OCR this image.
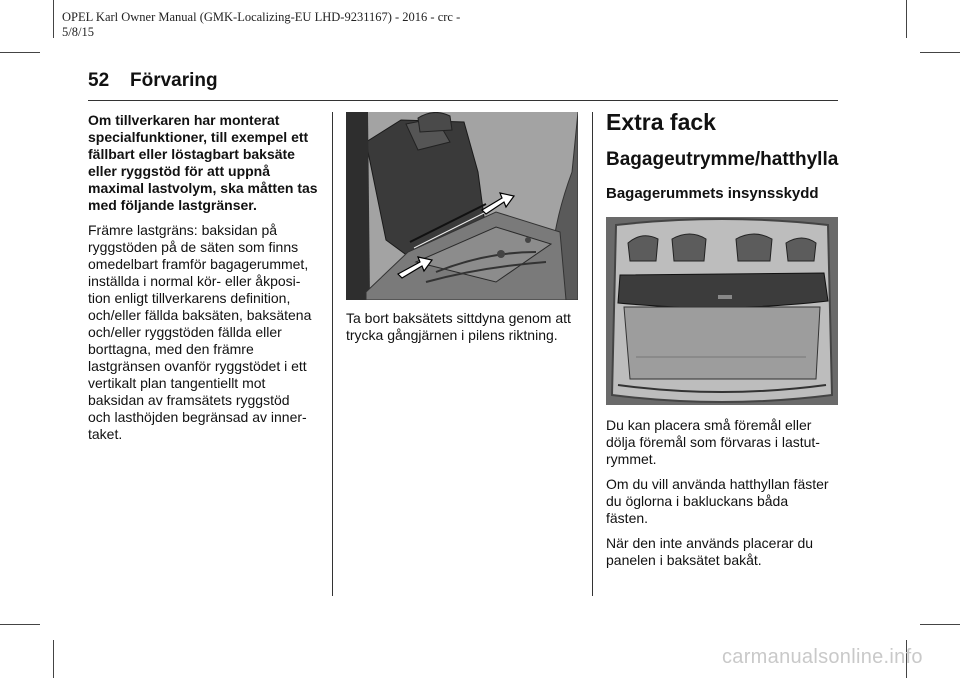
OPEL Karl Owner Manual (GMK-Localizing-EU LHD-9231167) - 2016 - crc -
5/8/15
52 Förvaring

Om tillverkaren har monterat specialfunktioner, till exempel ett fällbart eller löstagbart baksäte eller ryggstöd för att uppnå maximal lastvolym, ska måtten tas med följande lastgränser.

Främre lastgräns: baksidan på
ryggstöden på de säten som finns
omedelbart framför bagagerummet,
inställda i normal kör- eller åkposi-
tion enligt tillverkarens definition,
och/eller fällda baksäten, baksätena
och/eller ryggstöden fällda eller
borttagna, med den främre
lastgränsen ovanför ryggstödet i ett
vertikalt plan tangentiellt mot
baksidan av framsätets ryggstöd
och lasthöjden begränsad av inner-
taket.
Ta bort baksätets sittdyna genom att
trycka gångjärnen i pilens riktning.
Extra fack
Bagageutrymme/hatthylla
Bagagerummets insynsskydd

Du kan placera små föremål eller
dölja föremål som förvaras i lastut-
rymmet.

Om du vill använda hatthyllan fäster
du öglorna i bakluckans båda
fästen.

När den inte används placerar du
panelen i baksätet bakåt.

carmanualsonline.info
